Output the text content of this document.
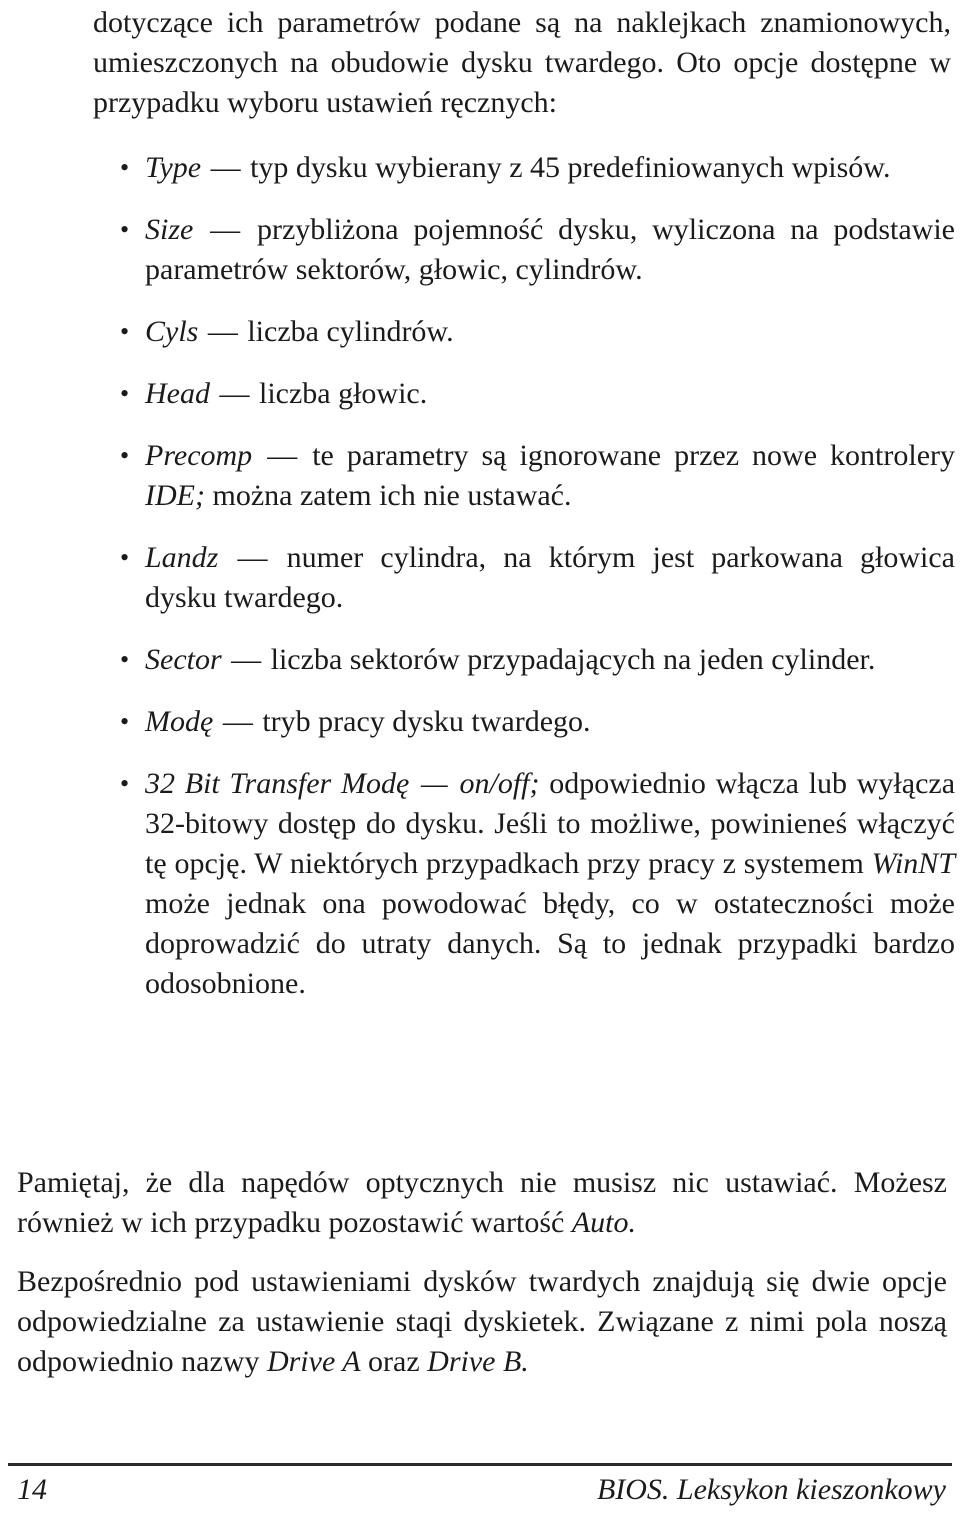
dotyczące ich parametrów podane są na naklejkach znamionowych, umieszczonych na obudowie dysku twardego. Oto opcje dostępne w przypadku wyboru ustawień ręcznych:

• Type — typ dysku wybierany z 45 predefiniowanych wpisów.
• Size — przybliżona pojemność dysku, wyliczona na podstawie parametrów sektorów, głowic, cylindrów.
• Cyls — liczba cylindrów.
• Head — liczba głowic.
• Precomp — te parametry są ignorowane przez nowe kontrolery IDE; można zatem ich nie ustawać.
• Landz — numer cylindra, na którym jest parkowana głowica dysku twardego.
• Sector — liczba sektorów przypadających na jeden cylinder.
• Modę — tryb pracy dysku twardego.
• 32 Bit Transfer Modę — on/off; odpowiednio włącza lub wyłącza 32-bitowy dostęp do dysku. Jeśli to możliwe, powinieneś włączyć tę opcję. W niektórych przypadkach przy pracy z systemem WinNT może jednak ona powodować błędy, co w ostateczności może doprowadzić do utraty danych. Są to jednak przypadki bardzo odosobnione.

Pamiętaj, że dla napędów optycznych nie musisz nic ustawiać. Możesz również w ich przypadku pozostawić wartość Auto.

Bezpośrednio pod ustawieniami dysków twardych znajdują się dwie opcje odpowiedzialne za ustawienie staqi dyskietek. Związane z nimi pola noszą odpowiednio nazwy Drive A oraz Drive B.

14	BIOS. Leksykon kieszonkowy
